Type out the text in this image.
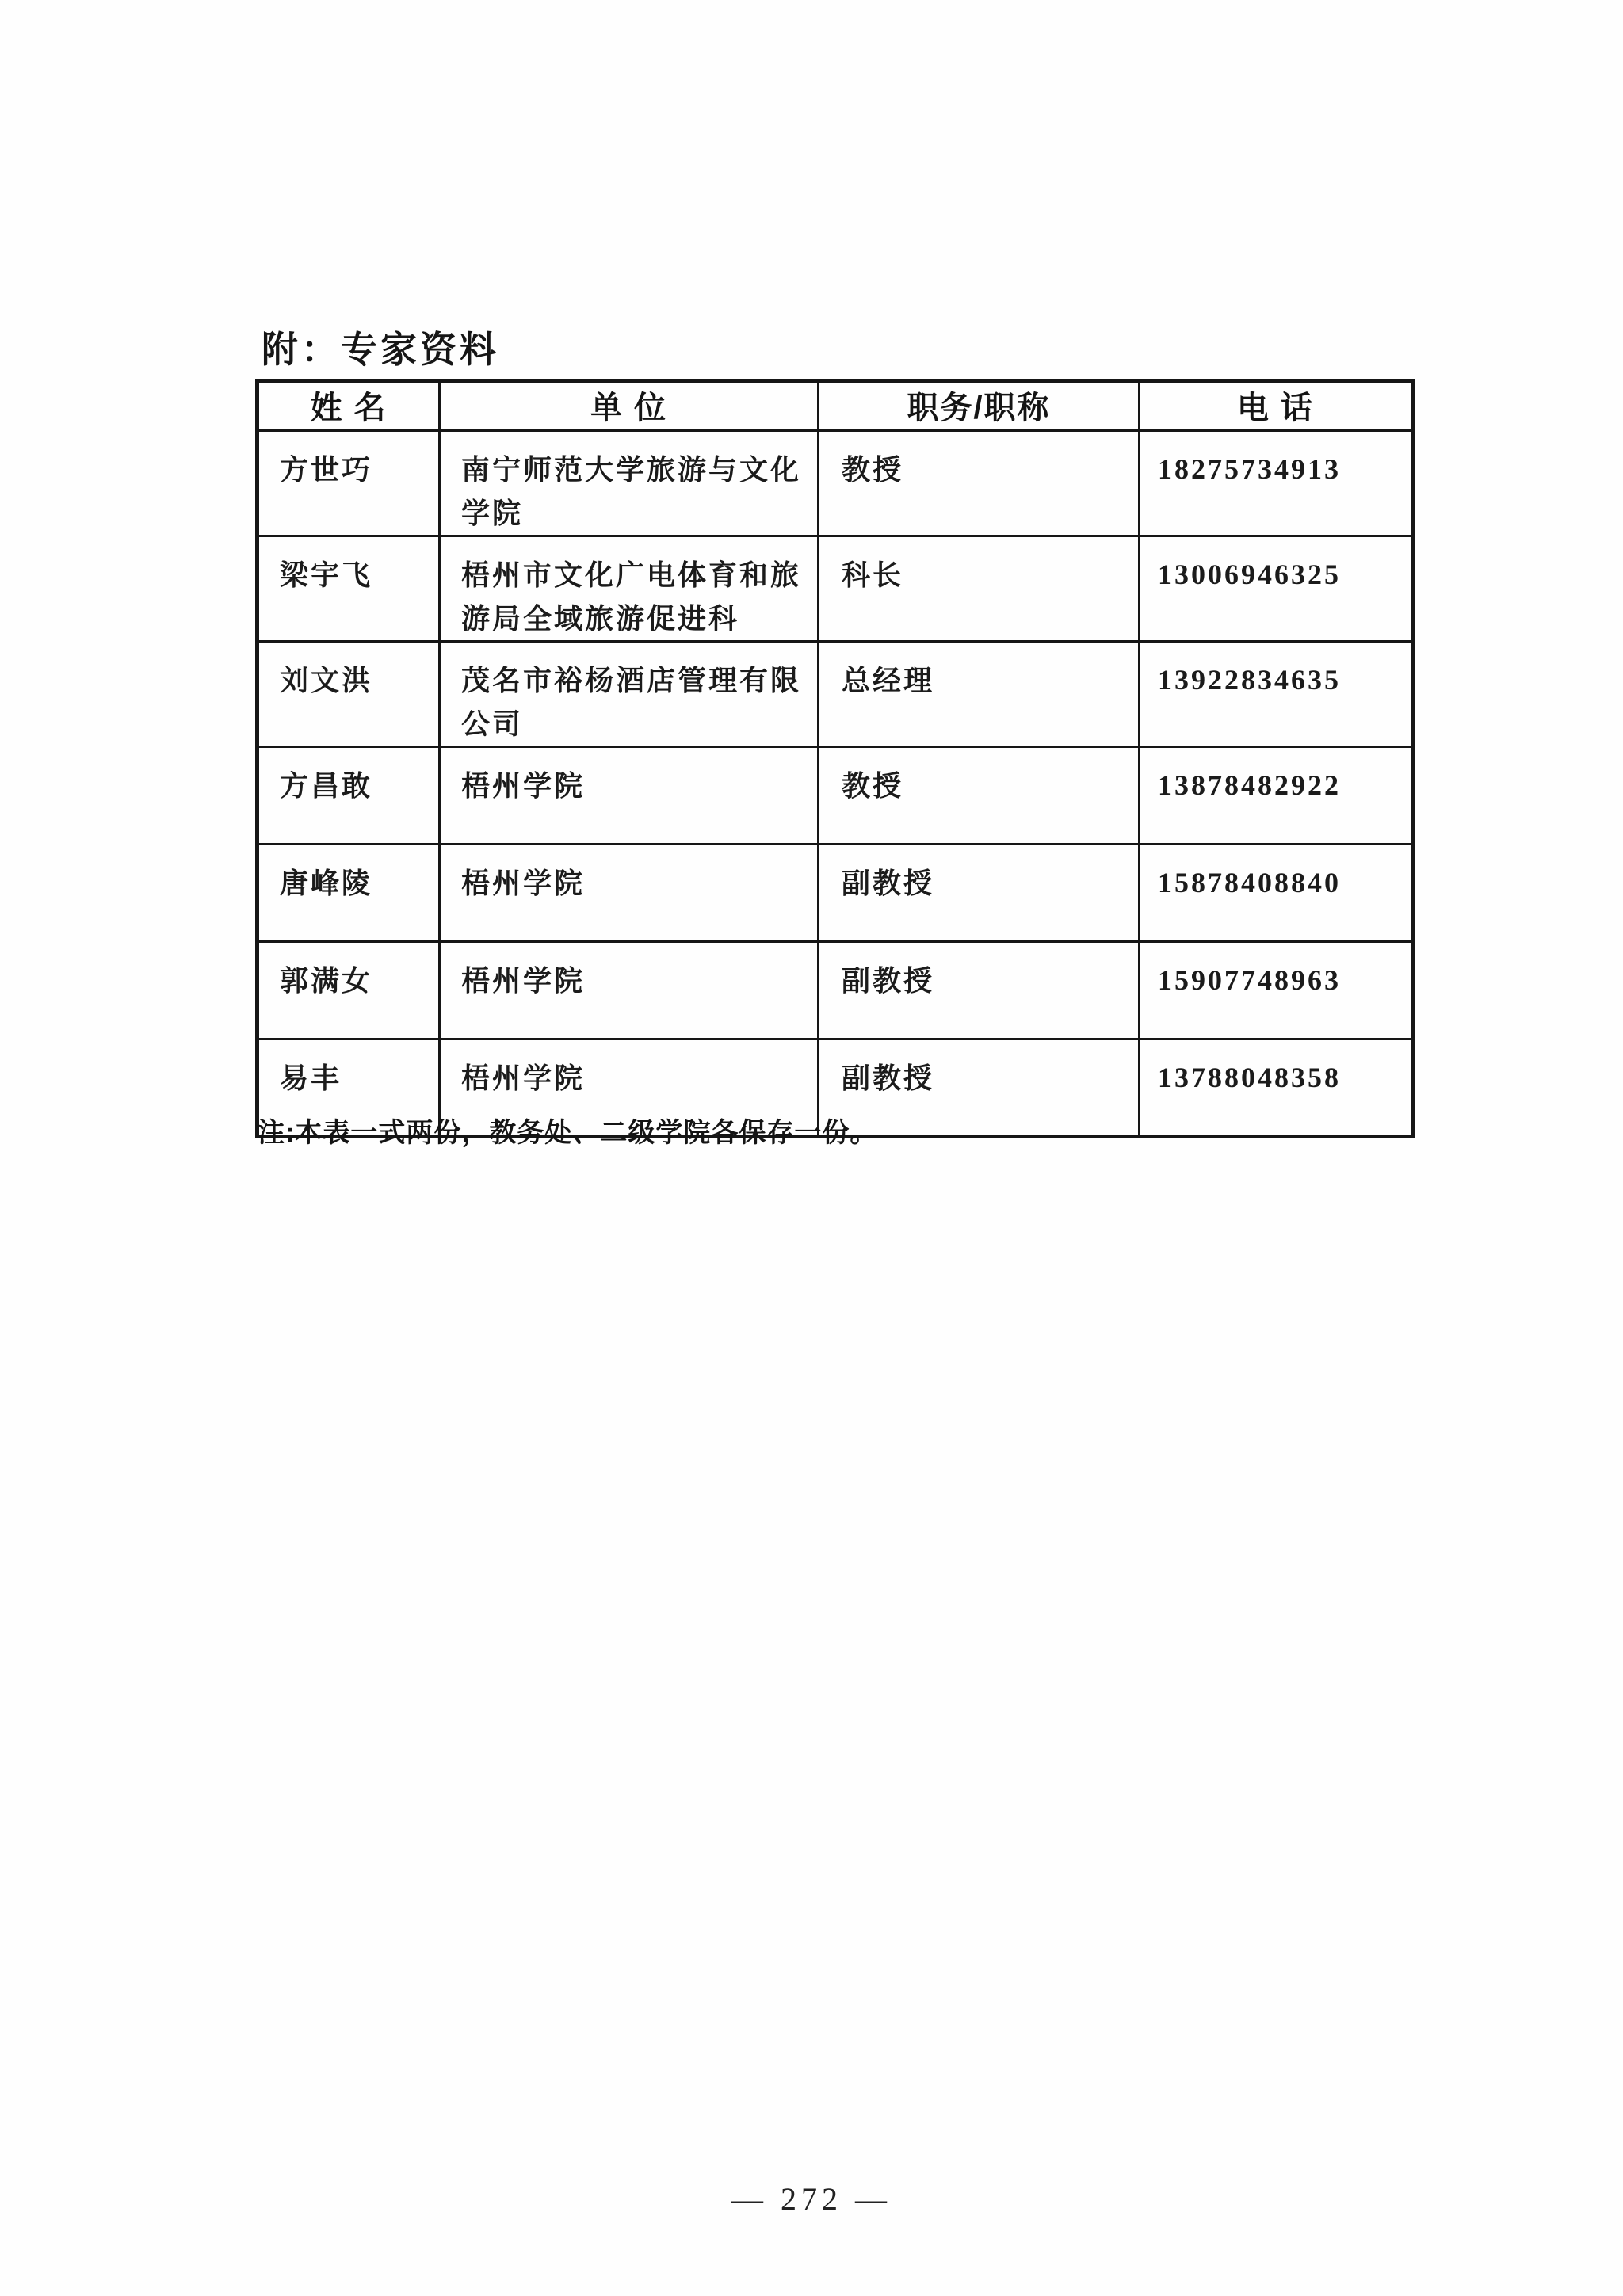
附：专家资料
姓 名	单 位	职务/职称	电 话
方世巧	南宁师范大学旅游与文化学院	教授	18275734913
梁宇飞	梧州市文化广电体育和旅游局全域旅游促进科	科长	13006946325
刘文洪	茂名市裕杨酒店管理有限公司	总经理	13922834635
方昌敢	梧州学院	教授	13878482922
唐峰陵	梧州学院	副教授	15878408840
郭满女	梧州学院	副教授	15907748963
易丰	梧州学院	副教授	13788048358
注:本表一式两份，教务处、二级学院各保存一份。
— 272 —
